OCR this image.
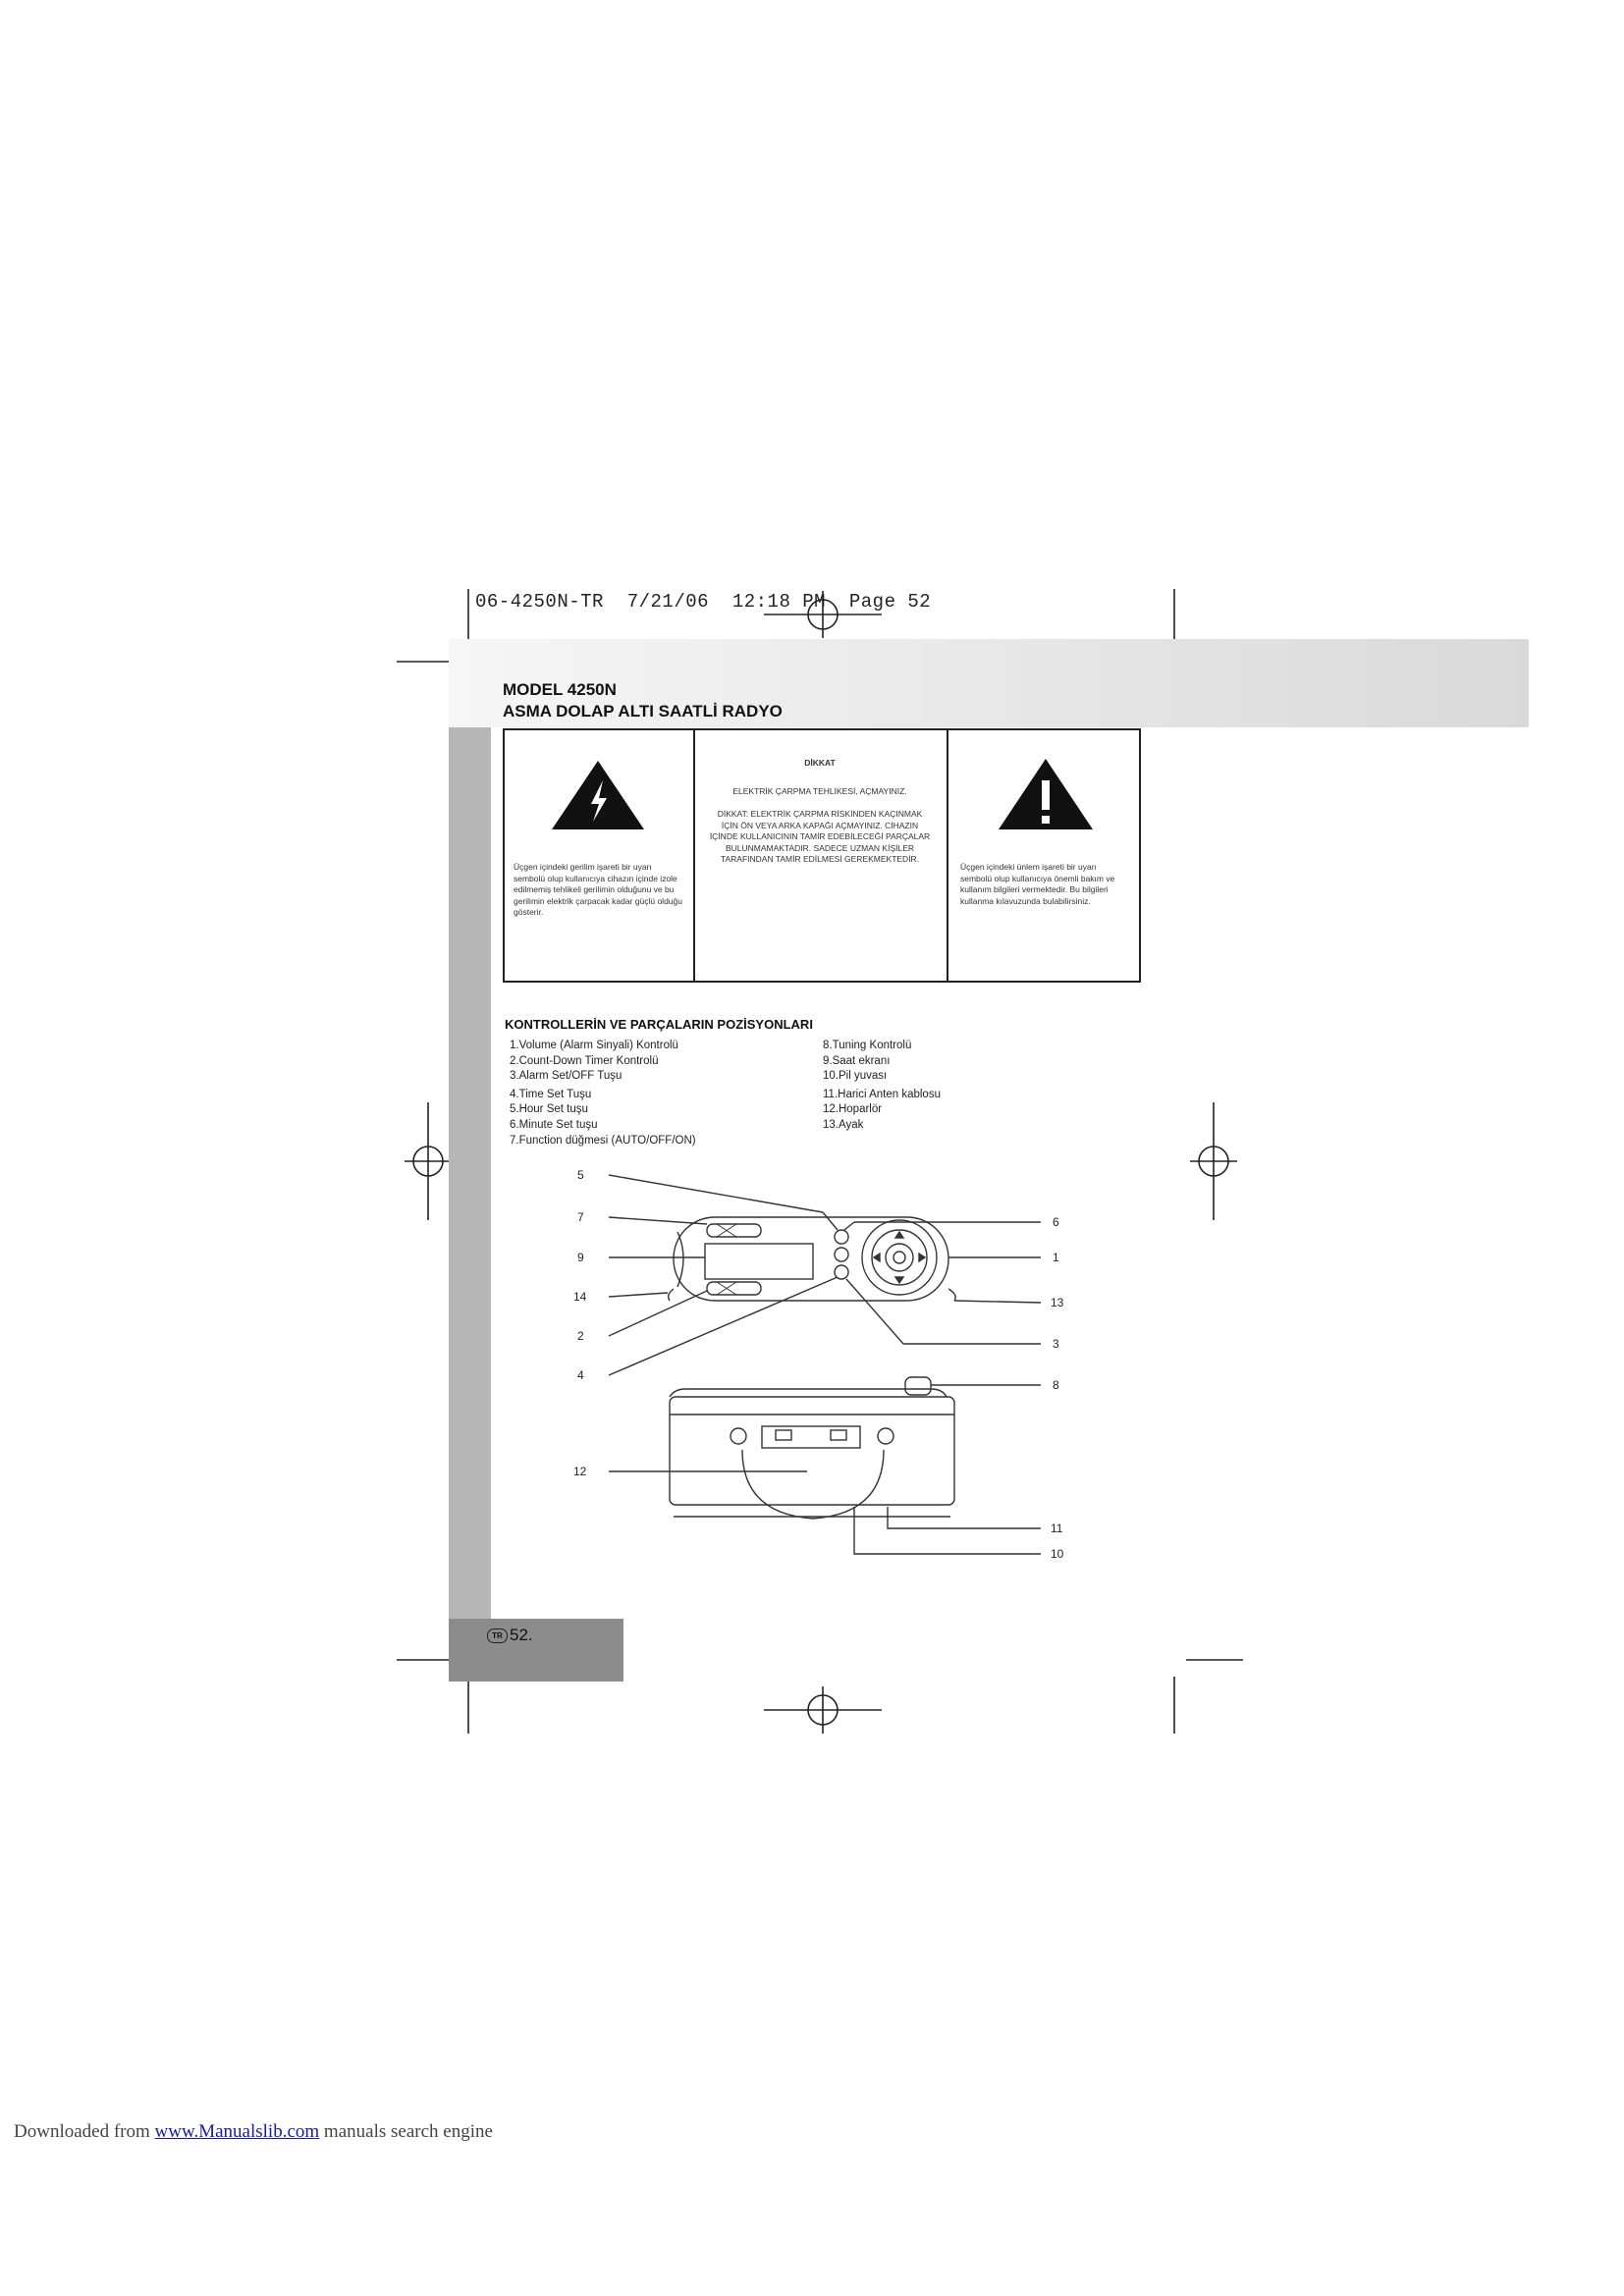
06-4250N-TR  7/21/06  12:18 PM  Page 52
MODEL 4250N
ASMA DOLAP ALTI SAATLİ RADYO
Üçgen içindeki gerilim işareti bir uyarı sembolü olup kullanıcıya cihazın içinde izole edilmemiş tehlikeli gerilimin olduğunu ve bu gerilimin elektrik çarpacak kadar güçlü olduğu gösterir.
DİKKAT
ELEKTRİK ÇARPMA TEHLİKESİ, AÇMAYINIZ.
DİKKAT: ELEKTRİK ÇARPMA RİSKİNDEN KAÇINMAK İÇİN ÖN VEYA ARKA KAPAĞI AÇMAYINIZ. CİHAZIN İÇİNDE KULLANICININ TAMİR EDEBİLECEĞİ PARÇALAR BULUNMAMAKTADIR. SADECE UZMAN KİŞİLER TARAFINDAN TAMİR EDİLMESİ GEREKMEKTEDİR.
Üçgen içindeki ünlem işareti bir uyarı sembolü olup kullanıcıya önemli bakım ve kullanım bilgileri vermektedir. Bu bilgileri kullanma kılavuzunda bulabilirsiniz.
KONTROLLERİN VE PARÇALARIN POZİSYONLARI
1.Volume (Alarm Sinyali) Kontrolü
2.Count-Down Timer Kontrolü
3.Alarm Set/OFF Tuşu
4.Time Set Tuşu
5.Hour Set tuşu
6.Minute Set tuşu
7.Function düğmesi (AUTO/OFF/ON)
8.Tuning Kontrolü
9.Saat ekranı
10.Pil yuvası
11.Harici Anten kablosu
12.Hoparlör
13.Ayak
5
7
9
14
2
4
12
6
1
13
3
8
11
10
TR 52.
Downloaded from www.Manualslib.com manuals search engine
